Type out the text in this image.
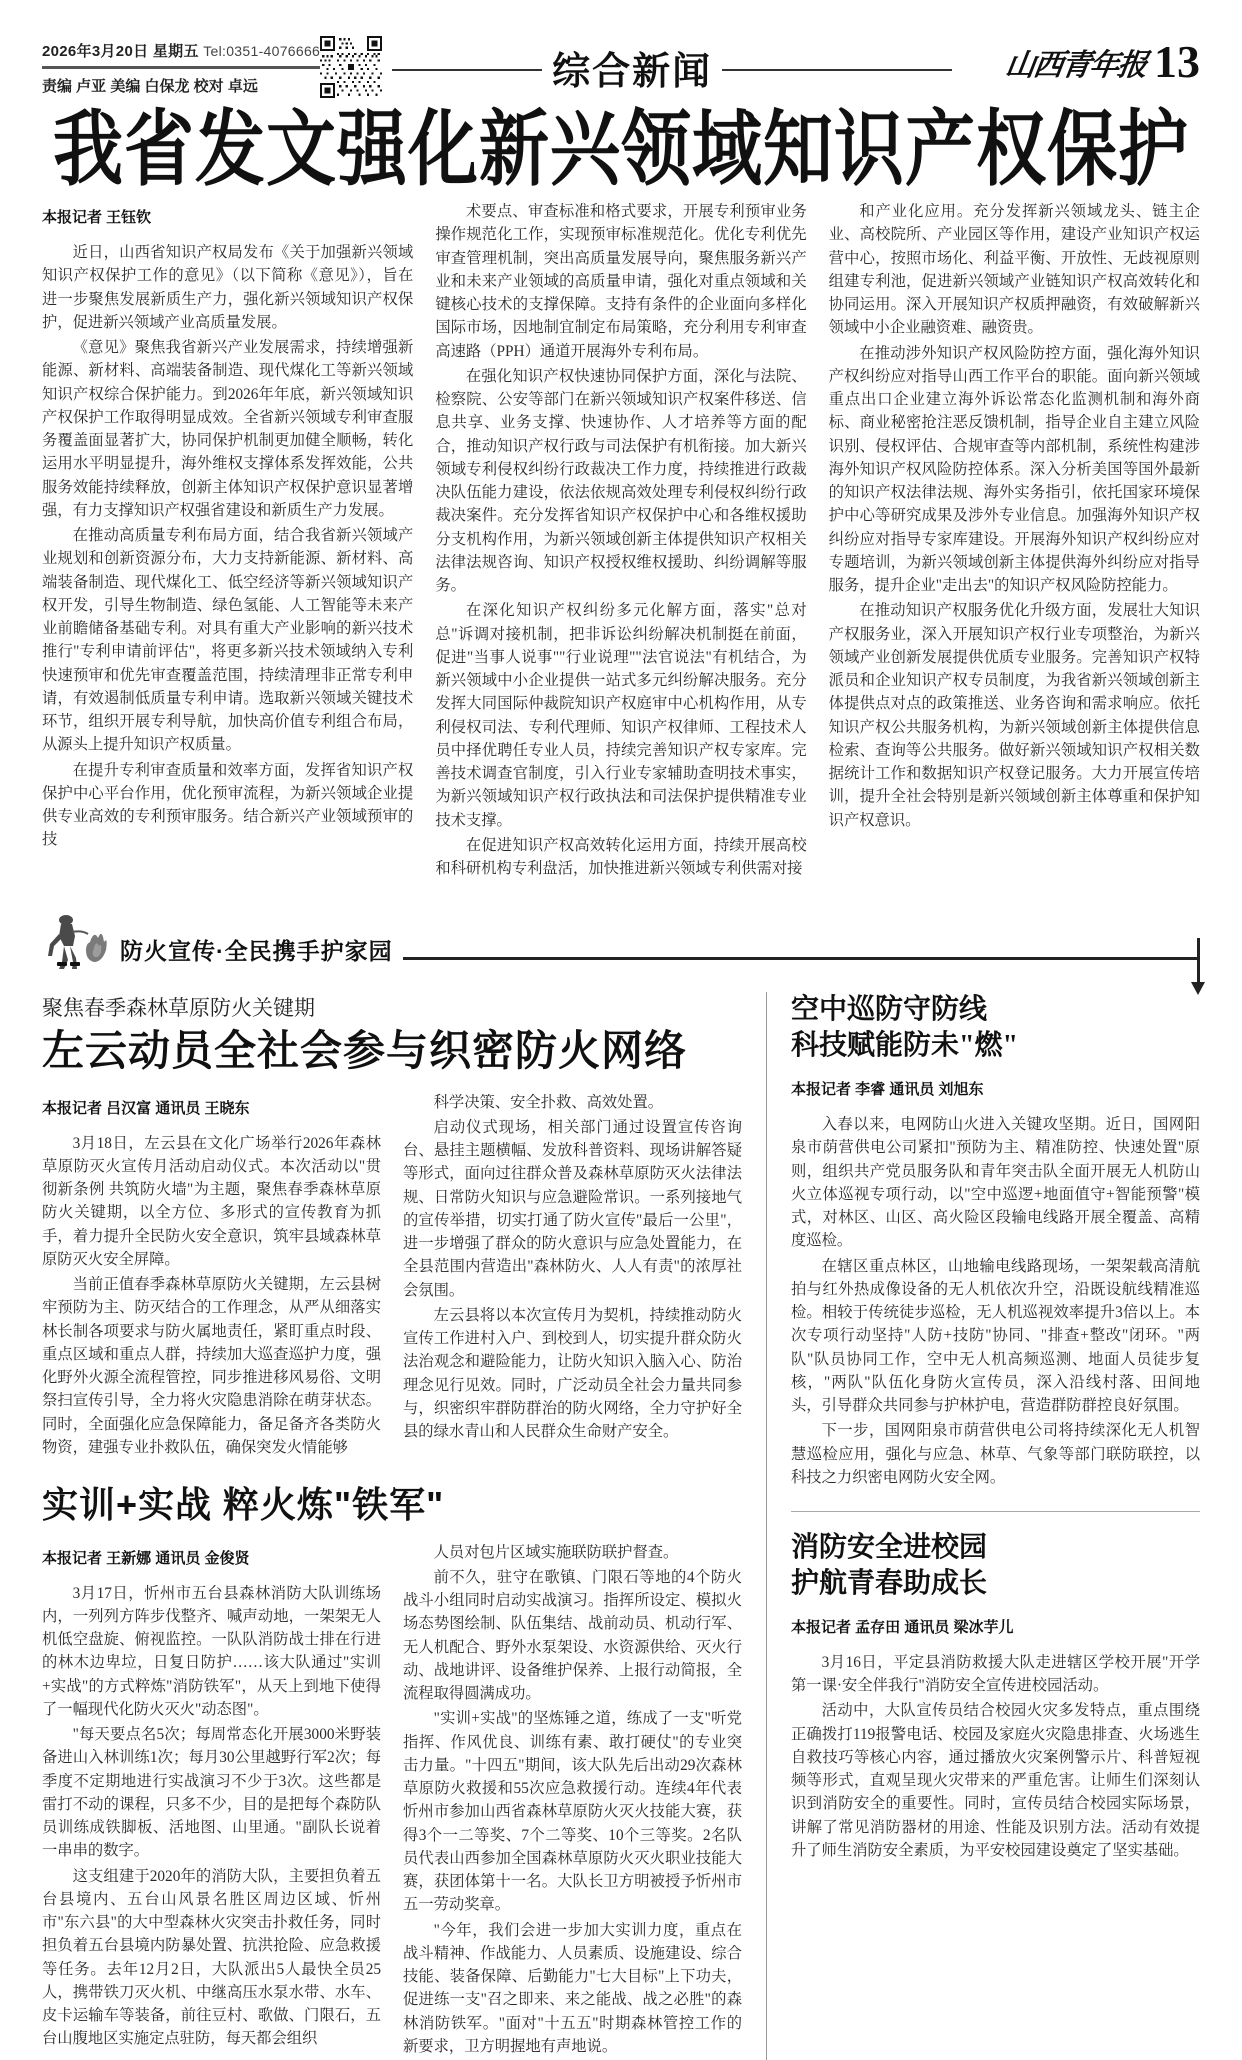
2026年3月20日 星期五 Tel:0351-4076666
责编 卢亚 美编 白保龙 校对 卓远	综合新闻	山西青年报 13
我省发文强化新兴领域知识产权保护
本报记者 王钰钦

近日，山西省知识产权局发布《关于加强新兴领域知识产权保护工作的意见》（以下简称《意见》），旨在进一步聚焦发展新质生产力，强化新兴领域知识产权保护，促进新兴领域产业高质量发展。

《意见》聚焦我省新兴产业发展需求，持续增强新能源、新材料、高端装备制造、现代煤化工等新兴领域知识产权综合保护能力。到2026年年底，新兴领域知识产权保护工作取得明显成效。全省新兴领域专利审查服务覆盖面显著扩大，协同保护机制更加健全顺畅，转化运用水平明显提升，海外维权支撑体系发挥效能，公共服务效能持续释放，创新主体知识产权保护意识显著增强，有力支撑知识产权强省建设和新质生产力发展。

在推动高质量专利布局方面，结合我省新兴领域产业规划和创新资源分布，大力支持新能源、新材料、高端装备制造、现代煤化工、低空经济等新兴领域知识产权开发，引导生物制造、绿色氢能、人工智能等未来产业前瞻储备基础专利。对具有重大产业影响的新兴技术推行"专利申请前评估"，将更多新兴技术领域纳入专利快速预审和优先审查覆盖范围，持续清理非正常专利申请，有效遏制低质量专利申请。选取新兴领域关键技术环节，组织开展专利导航，加快高价值专利组合布局，从源头上提升知识产权质量。

在提升专利审查质量和效率方面，发挥省知识产权保护中心平台作用，优化预审流程，为新兴领域企业提供专业高效的专利预审服务。结合新兴产业领域预审的技

术要点、审查标准和格式要求，开展专利预审业务操作规范化工作，实现预审标准规范化。优化专利优先审查管理机制，突出高质量发展导向，聚焦服务新兴产业和未来产业领域的高质量申请，强化对重点领域和关键核心技术的支撑保障。支持有条件的企业面向多样化国际市场，因地制宜制定布局策略，充分利用专利审查高速路（PPH）通道开展海外专利布局。

在强化知识产权快速协同保护方面，深化与法院、检察院、公安等部门在新兴领域知识产权案件移送、信息共享、业务支撑、快速协作、人才培养等方面的配合，推动知识产权行政与司法保护有机衔接。加大新兴领域专利侵权纠纷行政裁决工作力度，持续推进行政裁决队伍能力建设，依法依规高效处理专利侵权纠纷行政裁决案件。充分发挥省知识产权保护中心和各维权援助分支机构作用，为新兴领域创新主体提供知识产权相关法律法规咨询、知识产权授权维权援助、纠纷调解等服务。

在深化知识产权纠纷多元化解方面，落实"总对总"诉调对接机制，把非诉讼纠纷解决机制挺在前面，促进"当事人说事""行业说理""法官说法"有机结合，为新兴领域中小企业提供一站式多元纠纷解决服务。充分发挥大同国际仲裁院知识产权庭审中心机构作用，从专利侵权司法、专利代理师、知识产权律师、工程技术人员中择优聘任专业人员，持续完善知识产权专家库。完善技术调查官制度，引入行业专家辅助查明技术事实，为新兴领域知识产权行政执法和司法保护提供精准专业技术支撑。

在促进知识产权高效转化运用方面，持续开展高校和科研机构专利盘活，加快推进新兴领域专利供需对接

和产业化应用。充分发挥新兴领域龙头、链主企业、高校院所、产业园区等作用，建设产业知识产权运营中心，按照市场化、利益平衡、开放性、无歧视原则组建专利池，促进新兴领域产业链知识产权高效转化和协同运用。深入开展知识产权质押融资，有效破解新兴领域中小企业融资难、融资贵。

在推动涉外知识产权风险防控方面，强化海外知识产权纠纷应对指导山西工作平台的职能。面向新兴领域重点出口企业建立海外诉讼常态化监测机制和海外商标、商业秘密抢注恶反馈机制，指导企业自主建立风险识别、侵权评估、合规审查等内部机制，系统性构建涉海外知识产权风险防控体系。深入分析美国等国外最新的知识产权法律法规、海外实务指引，依托国家环境保护中心等研究成果及涉外专业信息。加强海外知识产权纠纷应对指导专家库建设。开展海外知识产权纠纷应对专题培训，为新兴领域创新主体提供海外纠纷应对指导服务，提升企业"走出去"的知识产权风险防控能力。

在推动知识产权服务优化升级方面，发展壮大知识产权服务业，深入开展知识产权行业专项整治，为新兴领域产业创新发展提供优质专业服务。完善知识产权特派员和企业知识产权专员制度，为我省新兴领域创新主体提供点对点的政策推送、业务咨询和需求响应。依托知识产权公共服务机构，为新兴领域创新主体提供信息检索、查询等公共服务。做好新兴领域知识产权相关数据统计工作和数据知识产权登记服务。大力开展宣传培训，提升全社会特别是新兴领域创新主体尊重和保护知识产权意识。

防火宣传·全民携手护家园
聚焦春季森林草原防火关键期
左云动员全社会参与织密防火网络
本报记者 吕汉富 通讯员 王晓东

3月18日，左云县在文化广场举行2026年森林草原防灭火宣传月活动启动仪式。本次活动以"贯彻新条例 共筑防火墙"为主题，聚焦春季森林草原防火关键期，以全方位、多形式的宣传教育为抓手，着力提升全民防火安全意识，筑牢县域森林草原防灭火安全屏障。

当前正值春季森林草原防火关键期，左云县树牢预防为主、防灭结合的工作理念，从严从细落实林长制各项要求与防火属地责任，紧盯重点时段、重点区域和重点人群，持续加大巡查巡护力度，强化野外火源全流程管控，同步推进移风易俗、文明祭扫宣传引导，全力将火灾隐患消除在萌芽状态。同时，全面强化应急保障能力，备足备齐各类防火物资，建强专业扑救队伍，确保突发火情能够

科学决策、安全扑救、高效处置。

启动仪式现场，相关部门通过设置宣传咨询台、悬挂主题横幅、发放科普资料、现场讲解答疑等形式，面向过往群众普及森林草原防灭火法律法规、日常防火知识与应急避险常识。一系列接地气的宣传举措，切实打通了防火宣传"最后一公里"，进一步增强了群众的防火意识与应急处置能力，在全县范围内营造出"森林防火、人人有责"的浓厚社会氛围。

左云县将以本次宣传月为契机，持续推动防火宣传工作进村入户、到校到人，切实提升群众防火法治观念和避险能力，让防火知识入脑入心、防治理念见行见效。同时，广泛动员全社会力量共同参与，织密织牢群防群治的防火网络，全力守护好全县的绿水青山和人民群众生命财产安全。

实训+实战 粹火炼"铁军"
本报记者 王新娜 通讯员 金俊贤

3月17日，忻州市五台县森林消防大队训练场内，一列列方阵步伐整齐、喊声动地，一架架无人机低空盘旋、俯视监控。一队队消防战士排在行进的林木边卑垃，日复日防护……该大队通过"实训+实战"的方式粹炼"消防铁军"，从天上到地下使得了一幅现代化防火灭火"动态图"。

"每天要点名5次；每周常态化开展3000米野装备进山入林训练1次；每月30公里越野行军2次；每季度不定期地进行实战演习不少于3次。这些都是雷打不动的课程，只多不少，目的是把每个森防队员训练成铁脚板、活地图、山里通。"副队长说着一串串的数字。

这支组建于2020年的消防大队，主要担负着五台县境内、五台山风景名胜区周边区域、忻州市"东六县"的大中型森林火灾突击扑救任务，同时担负着五台县境内防暴处置、抗洪抢险、应急救援等任务。去年12月2日，大队派出5人最快全员25人，携带铁刀灭火机、中继高压水泵水带、水车、皮卡运输车等装备，前往豆村、歌做、门限石，五台山腹地区实施定点驻防，每天都会组织

人员对包片区域实施联防联护督查。

前不久，驻守在歌镇、门限石等地的4个防火战斗小组同时启动实战演习。指挥所设定、模拟火场态势图绘制、队伍集结、战前动员、机动行军、无人机配合、野外水泵架设、水资源供给、灭火行动、战地讲评、设备维护保养、上报行动简报，全流程取得圆满成功。

"实训+实战"的坚炼锤之道，练成了一支"听党指挥、作风优良、训练有素、敢打硬仗"的专业突击力量。"十四五"期间，该大队先后出动29次森林草原防火救援和55次应急救援行动。连续4年代表忻州市参加山西省森林草原防火灭火技能大赛，获得3个一二等奖、7个二等奖、10个三等奖。2名队员代表山西参加全国森林草原防火灭火职业技能大赛，获团体第十一名。大队长卫方明被授予忻州市五一劳动奖章。

"今年，我们会进一步加大实训力度，重点在战斗精神、作战能力、人员素质、设施建设、综合技能、装备保障、后勤能力"七大目标"上下功夫，促进练一支"召之即来、来之能战、战之必胜"的森林消防铁军。"面对"十五五"时期森林管控工作的新要求，卫方明握地有声地说。

空中巡防守防线
科技赋能防未"燃"
本报记者 李睿 通讯员 刘旭东

入春以来，电网防山火进入关键攻坚期。近日，国网阳泉市荫营供电公司紧扣"预防为主、精准防控、快速处置"原则，组织共产党员服务队和青年突击队全面开展无人机防山火立体巡视专项行动，以"空中巡逻+地面值守+智能预警"模式，对林区、山区、高火险区段输电线路开展全覆盖、高精度巡检。

在辖区重点林区，山地输电线路现场，一架架载高清航拍与红外热成像设备的无人机依次升空，沿既设航线精准巡检。相较于传统徒步巡检，无人机巡视效率提升3倍以上。本次专项行动坚持"人防+技防"协同、"排查+整改"闭环。"两队"队员协同工作，空中无人机高频巡测、地面人员徒步复核，"两队"队伍化身防火宣传员，深入沿线村落、田间地头，引导群众共同参与护林护电，营造群防群控良好氛围。

下一步，国网阳泉市荫营供电公司将持续深化无人机智慧巡检应用，强化与应急、林草、气象等部门联防联控，以科技之力织密电网防火安全网。

消防安全进校园
护航青春助成长
本报记者 孟存田 通讯员 梁冰芋儿

3月16日，平定县消防救援大队走进辖区学校开展"开学第一课·安全伴我行"消防安全宣传进校园活动。

活动中，大队宣传员结合校园火灾多发特点，重点围绕正确拨打119报警电话、校园及家庭火灾隐患排查、火场逃生自救技巧等核心内容，通过播放火灾案例警示片、科普短视频等形式，直观呈现火灾带来的严重危害。让师生们深刻认识到消防安全的重要性。同时，宣传员结合校园实际场景，讲解了常见消防器材的用途、性能及识别方法。活动有效提升了师生消防安全素质，为平安校园建设奠定了坚实基础。
